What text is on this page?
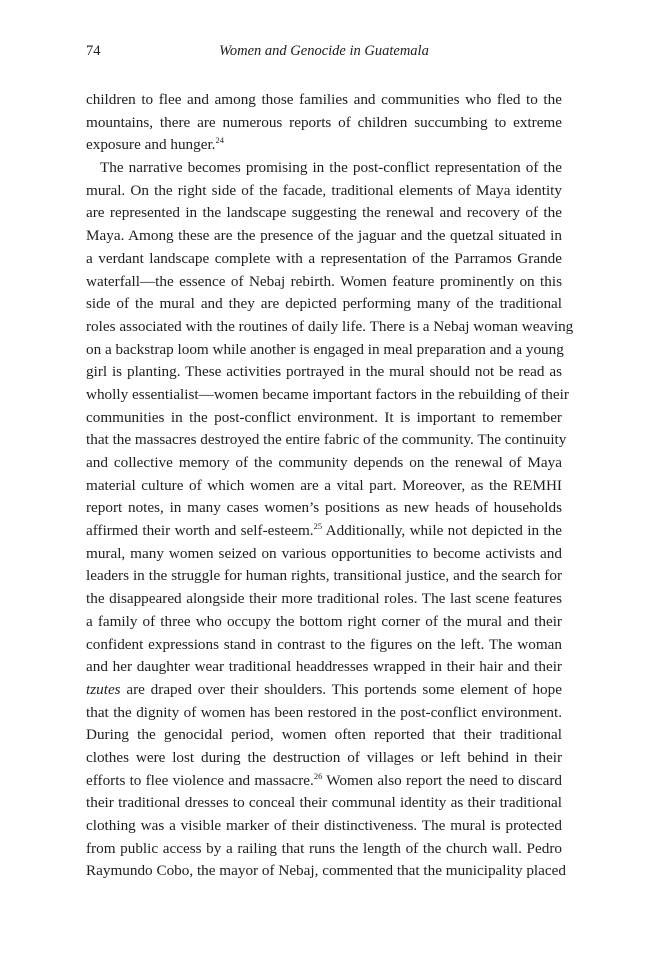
74	Women and Genocide in Guatemala
children to flee and among those families and communities who fled to the
mountains, there are numerous reports of children succumbing to extreme
exposure and hunger.$^{24}$
The narrative becomes promising in the post-conflict representation of the
mural. On the right side of the facade, traditional elements of Maya identity
are represented in the landscape suggesting the renewal and recovery of the
Maya. Among these are the presence of the jaguar and the quetzal situated in
a verdant landscape complete with a representation of the Parramos Grande
waterfall—the essence of Nebaj rebirth. Women feature prominently on this
side of the mural and they are depicted performing many of the traditional
roles associated with the routines of daily life. There is a Nebaj woman weaving
on a backstrap loom while another is engaged in meal preparation and a young
girl is planting. These activities portrayed in the mural should not be read as
wholly essentialist—women became important factors in the rebuilding of their
communities in the post-conflict environment. It is important to remember
that the massacres destroyed the entire fabric of the community. The continuity
and collective memory of the community depends on the renewal of Maya
material culture of which women are a vital part. Moreover, as the REMHI
report notes, in many cases women’s positions as new heads of households
affirmed their worth and self-esteem.$^{25}$ Additionally, while not depicted in the
mural, many women seized on various opportunities to become activists and
leaders in the struggle for human rights, transitional justice, and the search for
the disappeared alongside their more traditional roles. The last scene features
a family of three who occupy the bottom right corner of the mural and their
confident expressions stand in contrast to the figures on the left. The woman
and her daughter wear traditional headdresses wrapped in their hair and their
tzutes are draped over their shoulders. This portends some element of hope
that the dignity of women has been restored in the post-conflict environment.
During the genocidal period, women often reported that their traditional
clothes were lost during the destruction of villages or left behind in their
efforts to flee violence and massacre.$^{26}$ Women also report the need to discard
their traditional dresses to conceal their communal identity as their traditional
clothing was a visible marker of their distinctiveness. The mural is protected
from public access by a railing that runs the length of the church wall. Pedro
Raymundo Cobo, the mayor of Nebaj, commented that the municipality placed
